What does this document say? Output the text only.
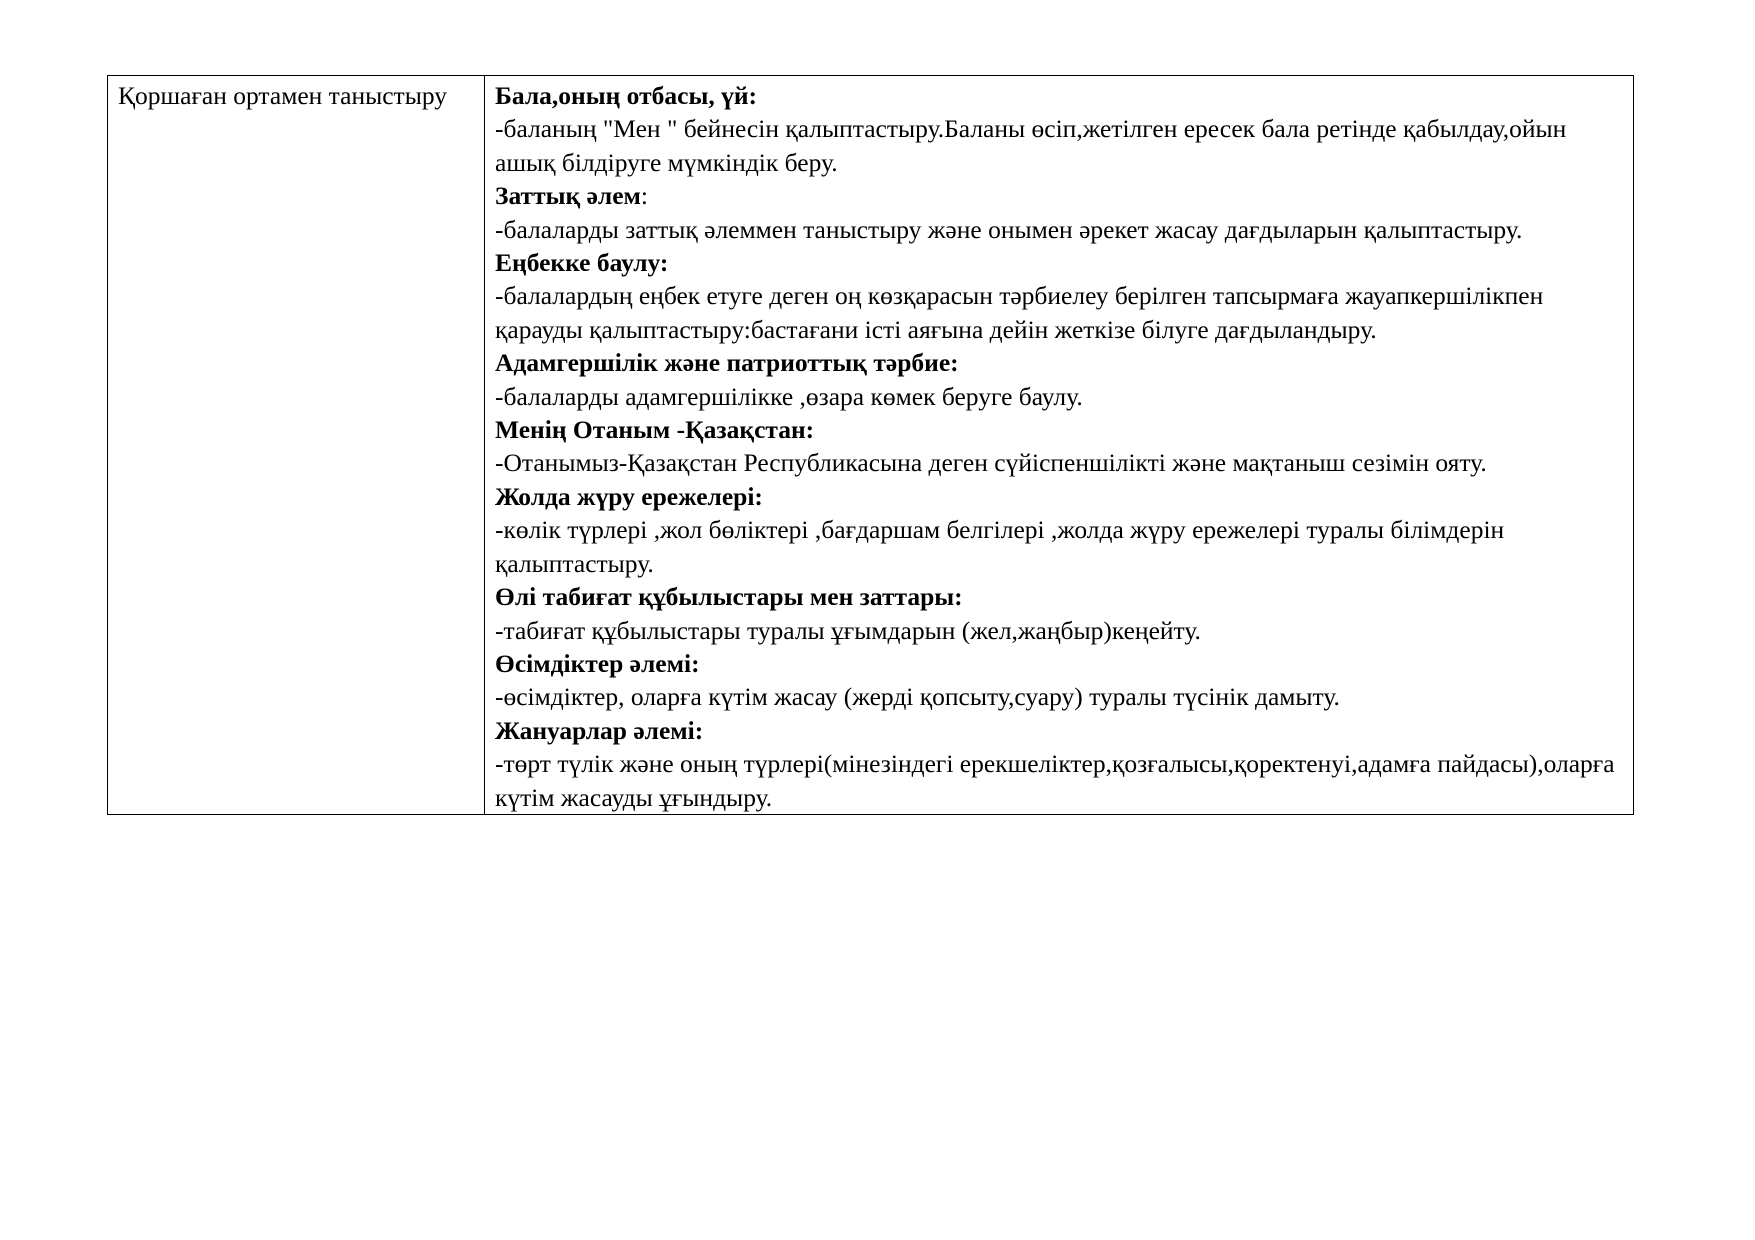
Қоршаған ортамен таныстыру	Бала,оның отбасы, үй:
-баланың "Мен " бейнесін қалыптастыру.Баланы өсіп,жетілген ересек бала ретінде қабылдау,ойын ашық білдіруге мүмкіндік беру.
Заттық әлем:
-балаларды заттық әлеммен таныстыру және онымен әрекет жасау дағдыларын қалыптастыру.
Еңбекке баулу:
-балалардың еңбек етуге деген оң көзқарасын тәрбиелеу берілген тапсырмаға жауапкершілікпен қарауды қалыптастыру:бастағани істі аяғына дейін жеткізе білуге дағдыландыру.
Адамгершілік және патриоттық тәрбие:
-балаларды адамгершілікке ,өзара көмек беруге баулу.
Менің Отаным -Қазақстан:
-Отанымыз-Қазақстан Республикасына деген сүйіспеншілікті және мақтаныш сезімін ояту.
Жолда жүру ережелері:
-көлік түрлері ,жол бөліктері ,бағдаршам белгілері ,жолда жүру ережелері туралы білімдерін қалыптастыру.
Өлі табиғат құбылыстары мен заттары:
-табиғат құбылыстары туралы ұғымдарын (жел,жаңбыр)кеңейту.
Өсімдіктер әлемі:
-өсімдіктер, оларға күтім жасау (жерді қопсыту,суару) туралы түсінік дамыту.
Жануарлар әлемі:
-төрт түлік және оның түрлері(мінезіндегі ерекшеліктер,қозғалысы,қоректенуі,адамға пайдасы),оларға күтім жасауды ұғындыру.
